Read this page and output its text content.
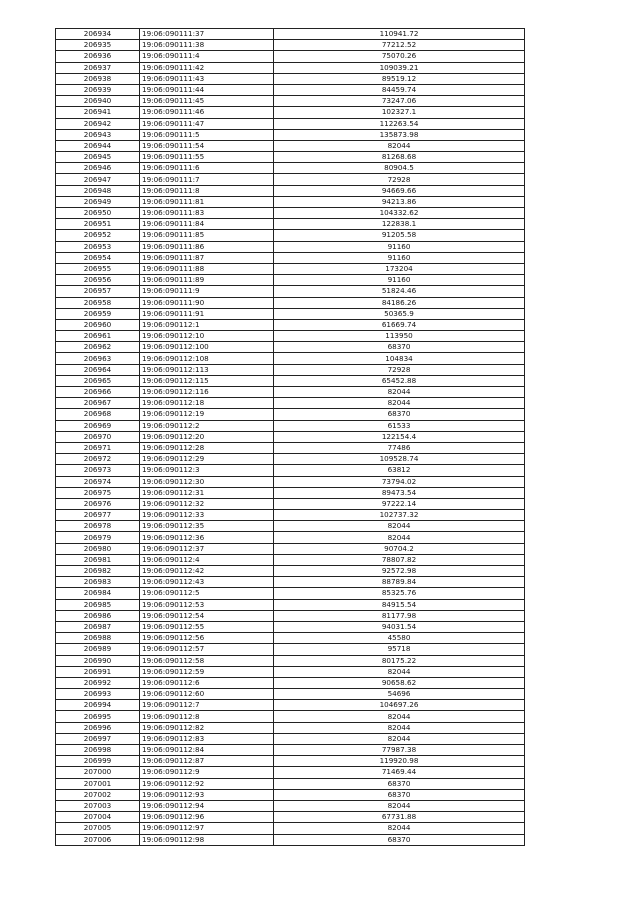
206934	19:06:090111:37	110941.72
206935	19:06:090111:38	77212.52
206936	19:06:090111:4	75070.26
206937	19:06:090111:42	109039.21
206938	19:06:090111:43	89519.12
206939	19:06:090111:44	84459.74
206940	19:06:090111:45	73247.06
206941	19:06:090111:46	102327.1
206942	19:06:090111:47	112263.54
206943	19:06:090111:5	135873.98
206944	19:06:090111:54	82044
206945	19:06:090111:55	81268.68
206946	19:06:090111:6	80904.5
206947	19:06:090111:7	72928
206948	19:06:090111:8	94669.66
206949	19:06:090111:81	94213.86
206950	19:06:090111:83	104332.62
206951	19:06:090111:84	122838.1
206952	19:06:090111:85	91205.58
206953	19:06:090111:86	91160
206954	19:06:090111:87	91160
206955	19:06:090111:88	173204
206956	19:06:090111:89	91160
206957	19:06:090111:9	51824.46
206958	19:06:090111:90	84186.26
206959	19:06:090111:91	50365.9
206960	19:06:090112:1	61669.74
206961	19:06:090112:10	113950
206962	19:06:090112:100	68370
206963	19:06:090112:108	104834
206964	19:06:090112:113	72928
206965	19:06:090112:115	65452.88
206966	19:06:090112:116	82044
206967	19:06:090112:18	82044
206968	19:06:090112:19	68370
206969	19:06:090112:2	61533
206970	19:06:090112:20	122154.4
206971	19:06:090112:28	77486
206972	19:06:090112:29	109528.74
206973	19:06:090112:3	63812
206974	19:06:090112:30	73794.02
206975	19:06:090112:31	89473.54
206976	19:06:090112:32	97222.14
206977	19:06:090112:33	102737.32
206978	19:06:090112:35	82044
206979	19:06:090112:36	82044
206980	19:06:090112:37	90704.2
206981	19:06:090112:4	78807.82
206982	19:06:090112:42	92572.98
206983	19:06:090112:43	88789.84
206984	19:06:090112:5	85325.76
206985	19:06:090112:53	84915.54
206986	19:06:090112:54	81177.98
206987	19:06:090112:55	94031.54
206988	19:06:090112:56	45580
206989	19:06:090112:57	95718
206990	19:06:090112:58	80175.22
206991	19:06:090112:59	82044
206992	19:06:090112:6	90658.62
206993	19:06:090112:60	54696
206994	19:06:090112:7	104697.26
206995	19:06:090112:8	82044
206996	19:06:090112:82	82044
206997	19:06:090112:83	82044
206998	19:06:090112:84	77987.38
206999	19:06:090112:87	119920.98
207000	19:06:090112:9	71469.44
207001	19:06:090112:92	68370
207002	19:06:090112:93	68370
207003	19:06:090112:94	82044
207004	19:06:090112:96	67731.88
207005	19:06:090112:97	82044
207006	19:06:090112:98	68370
